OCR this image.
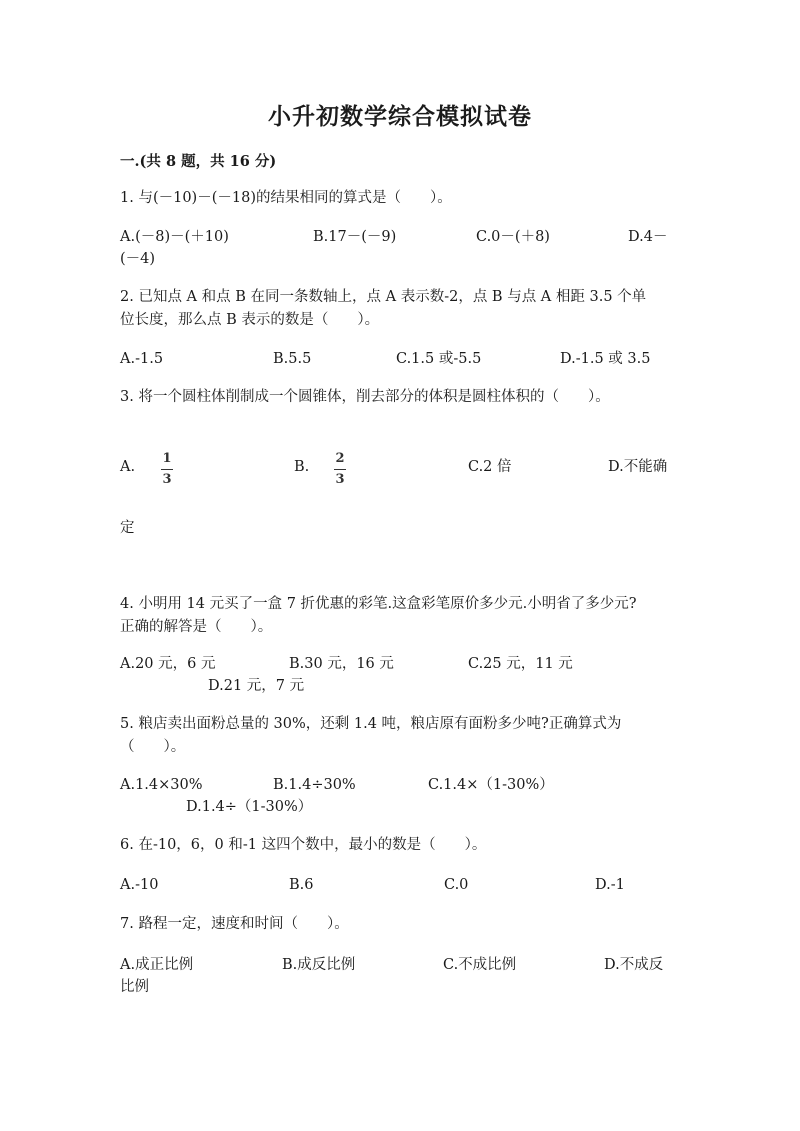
小升初数学综合模拟试卷
一.(共 8 题，共 16 分)
1. 与(－10)－(－18)的结果相同的算式是（　　）。
A.(－8)－(＋10)	B.17－(－9)	C.0－(＋8)	D.4－
(－4)
2. 已知点 A 和点 B 在同一条数轴上，点 A 表示数-2，点 B 与点 A 相距 3.5 个单
位长度，那么点 B 表示的数是（　　）。
A.-1.5	B.5.5	C.1.5 或-5.5	D.-1.5 或 3.5
3. 将一个圆柱体削制成一个圆锥体，削去部分的体积是圆柱体积的（　　）。
A.
1
3
B.
2
3
C.2 倍	D.不能确
定
4. 小明用 14 元买了一盒 7 折优惠的彩笔.这盒彩笔原价多少元.小明省了多少元?
正确的解答是（　　）。
A.20 元，6 元	B.30 元，16 元	C.25 元，11 元
D.21 元，7 元
5. 粮店卖出面粉总量的 30%，还剩 1.4 吨，粮店原有面粉多少吨?正确算式为
（　　）。
A.1.4×30%	B.1.4÷30%	C.1.4×（1-30%）
D.1.4÷（1-30%）
6. 在-10，6，0 和-1 这四个数中，最小的数是（　　）。
A.-10	B.6	C.0	D.-1
7. 路程一定，速度和时间（　　）。
A.成正比例	B.成反比例	C.不成比例	D.不成反
比例
